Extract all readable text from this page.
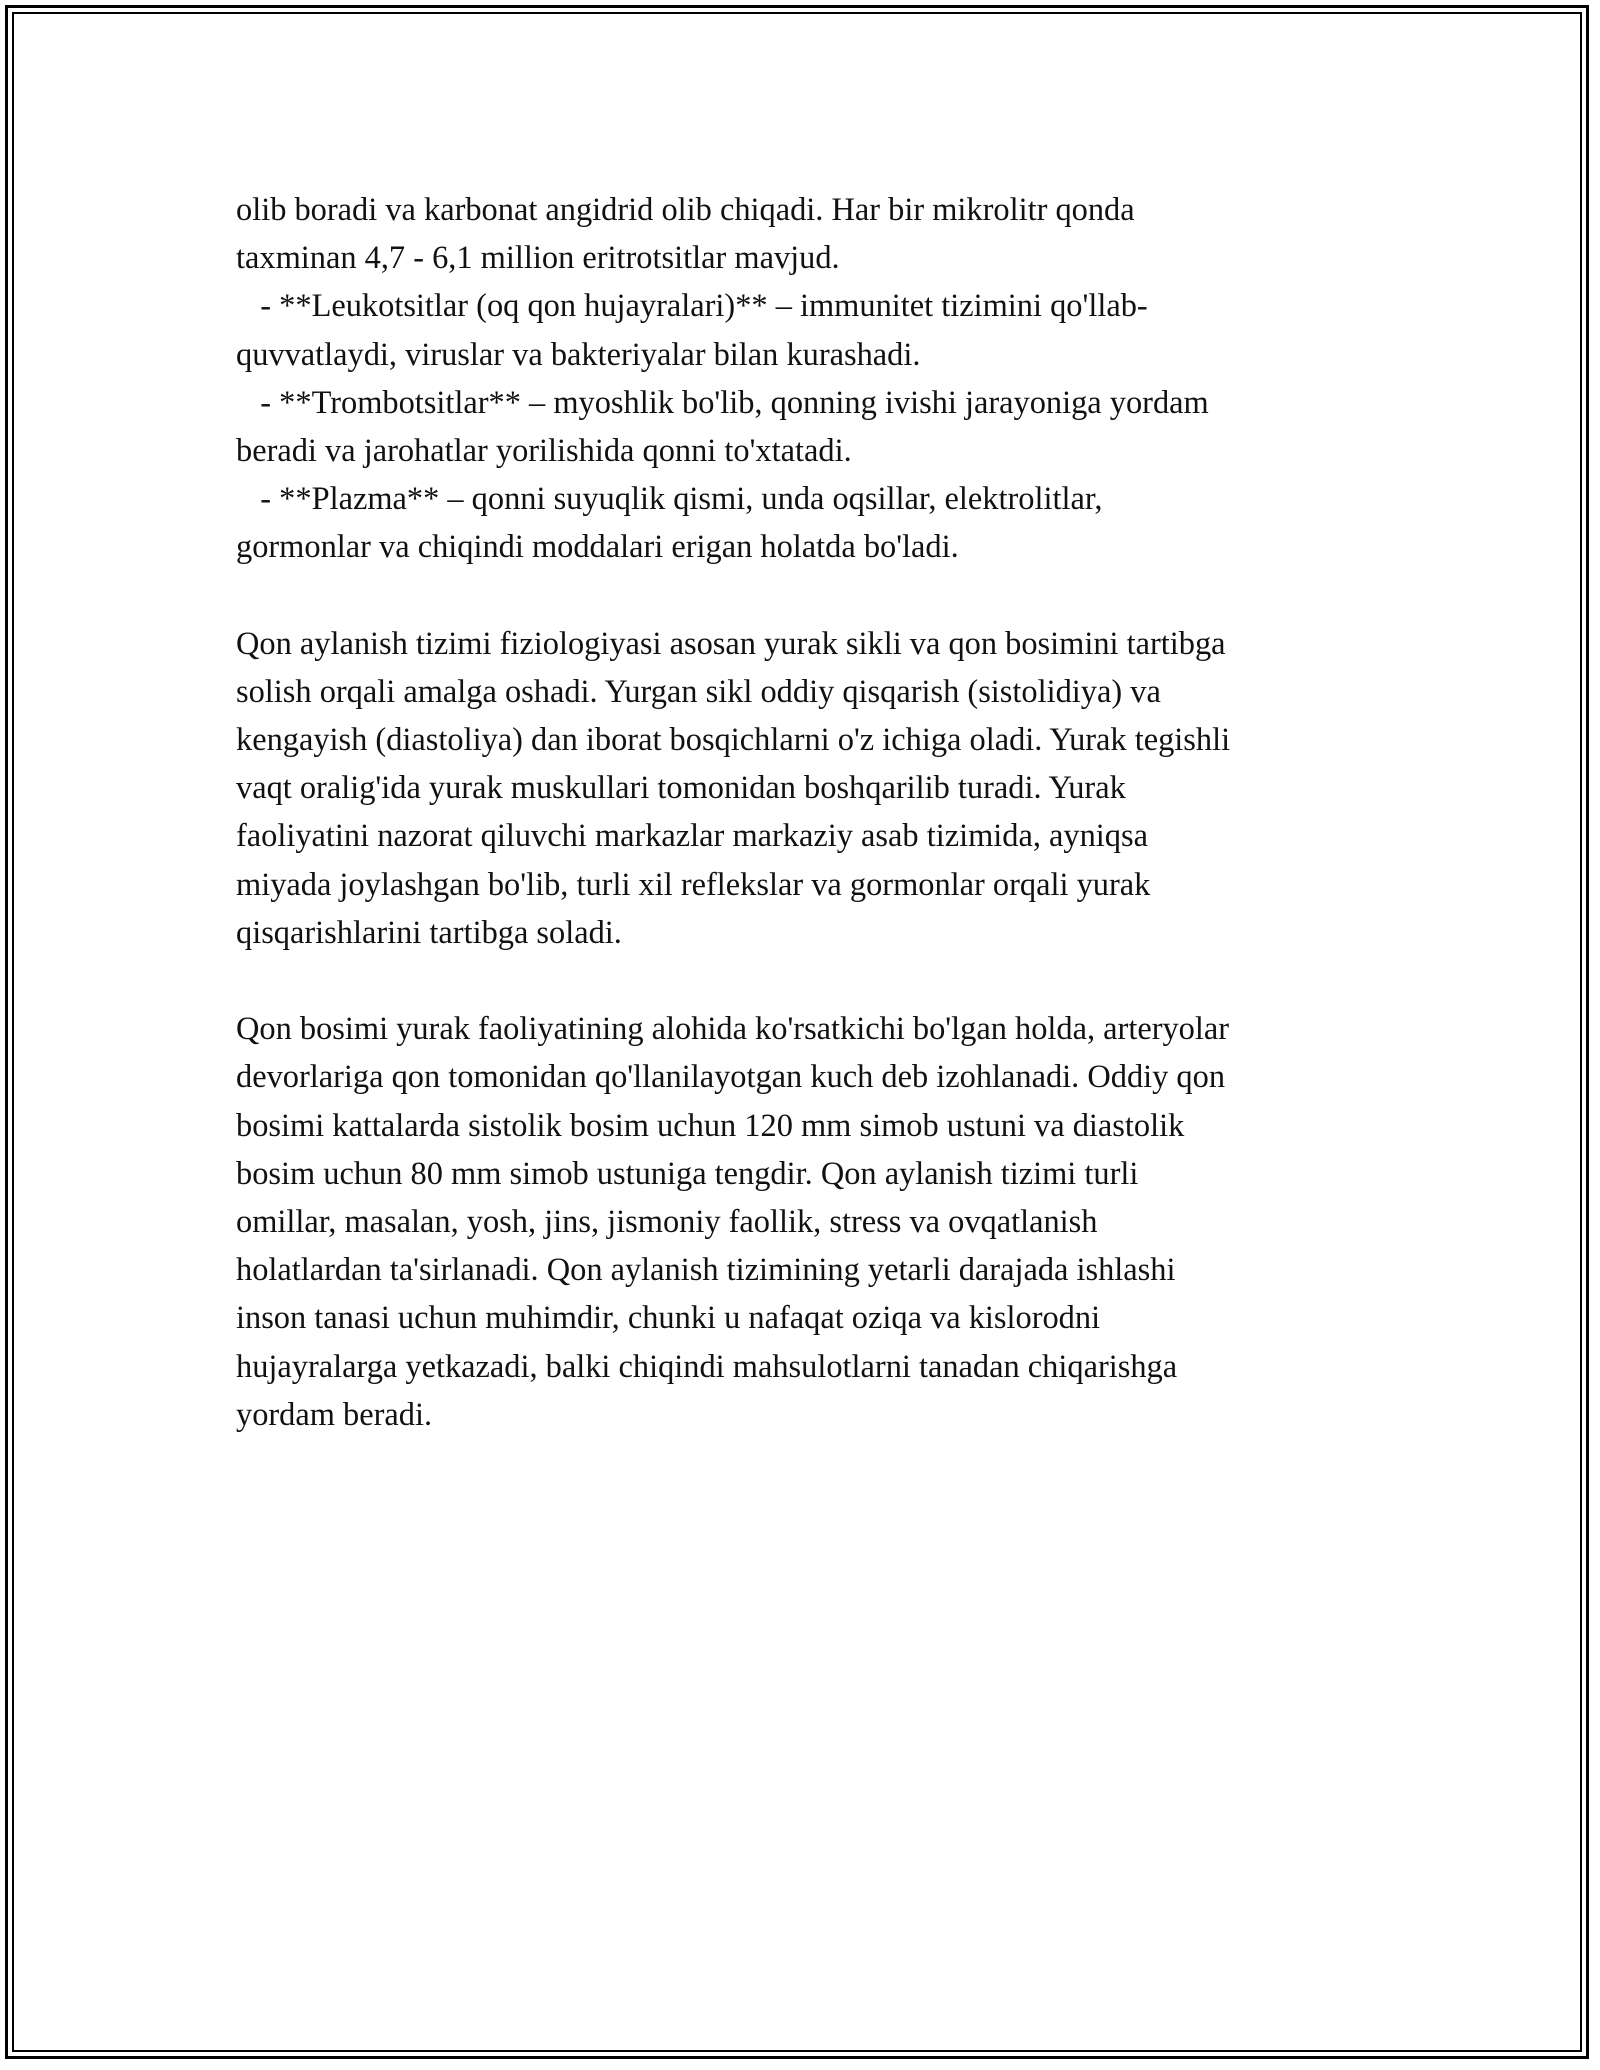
olib boradi va karbonat angidrid olib chiqadi. Har bir mikrolitr qonda
taxminan 4,7 - 6,1 million eritrotsitlar mavjud.
- **Leukotsitlar (oq qon hujayralari)** – immunitet tizimini qo'llab-
quvvatlaydi, viruslar va bakteriyalar bilan kurashadi.
- **Trombotsitlar** – myoshlik bo'lib, qonning ivishi jarayoniga yordam
beradi va jarohatlar yorilishida qonni to'xtatadi.
- **Plazma** – qonni suyuqlik qismi, unda oqsillar, elektrolitlar,
gormonlar va chiqindi moddalari erigan holatda bo'ladi.
Qon aylanish tizimi fiziologiyasi asosan yurak sikli va qon bosimini tartibga
solish orqali amalga oshadi. Yurgan sikl oddiy qisqarish (sistolidiya) va
kengayish (diastoliya) dan iborat bosqichlarni o'z ichiga oladi. Yurak tegishli
vaqt oralig'ida yurak muskullari tomonidan boshqarilib turadi. Yurak
faoliyatini nazorat qiluvchi markazlar markaziy asab tizimida, ayniqsa
miyada joylashgan bo'lib, turli xil reflekslar va gormonlar orqali yurak
qisqarishlarini tartibga soladi.
Qon bosimi yurak faoliyatining alohida ko'rsatkichi bo'lgan holda, arteryolar
devorlariga qon tomonidan qo'llanilayotgan kuch deb izohlanadi. Oddiy qon
bosimi kattalarda sistolik bosim uchun 120 mm simob ustuni va diastolik
bosim uchun 80 mm simob ustuniga tengdir. Qon aylanish tizimi turli
omillar, masalan, yosh, jins, jismoniy faollik, stress va ovqatlanish
holatlardan ta'sirlanadi. Qon aylanish tizimining yetarli darajada ishlashi
inson tanasi uchun muhimdir, chunki u nafaqat oziqa va kislorodni
hujayralarga yetkazadi, balki chiqindi mahsulotlarni tanadan chiqarishga
yordam beradi.
